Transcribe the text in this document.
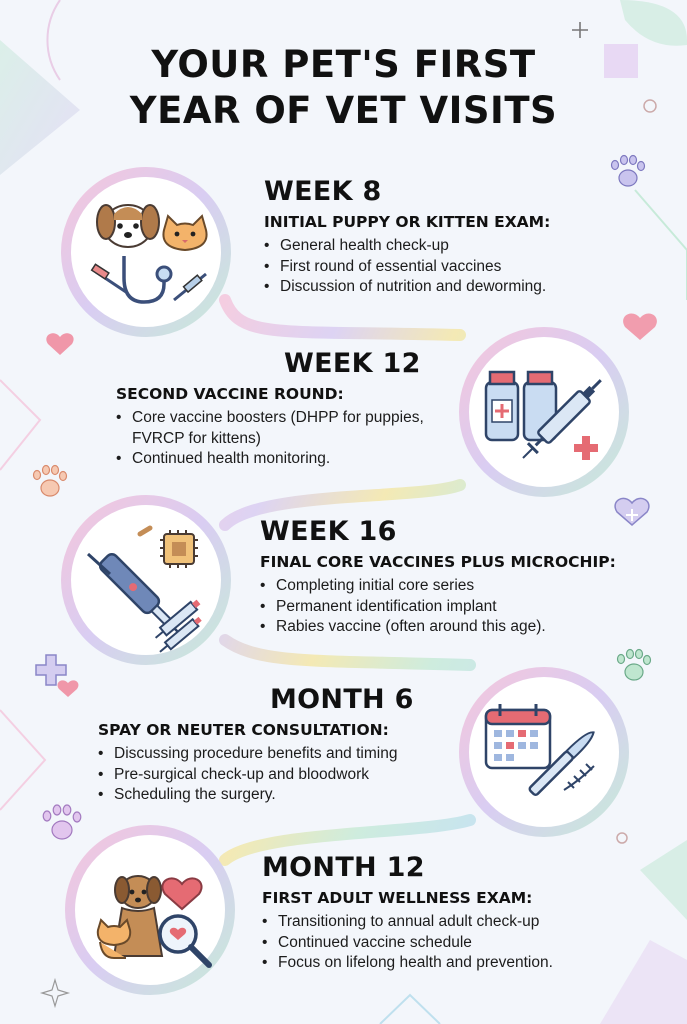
YOUR PET'S FIRST
YEAR OF VET VISITS
WEEK 8
INITIAL PUPPY OR KITTEN EXAM:
• General health check-up
• First round of essential vaccines
• Discussion of nutrition and deworming.
WEEK 12
SECOND VACCINE ROUND:
• Core vaccine boosters (DHPP for puppies, FVRCP for kittens)
• Continued health monitoring.
WEEK 16
FINAL CORE VACCINES PLUS MICROCHIP:
• Completing initial core series
• Permanent identification implant
• Rabies vaccine (often around this age).
MONTH 6
SPAY OR NEUTER CONSULTATION:
• Discussing procedure benefits and timing
• Pre-surgical check-up and bloodwork
• Scheduling the surgery.
MONTH 12
FIRST ADULT WELLNESS EXAM:
• Transitioning to annual adult check-up
• Continued vaccine schedule
• Focus on lifelong health and prevention.
